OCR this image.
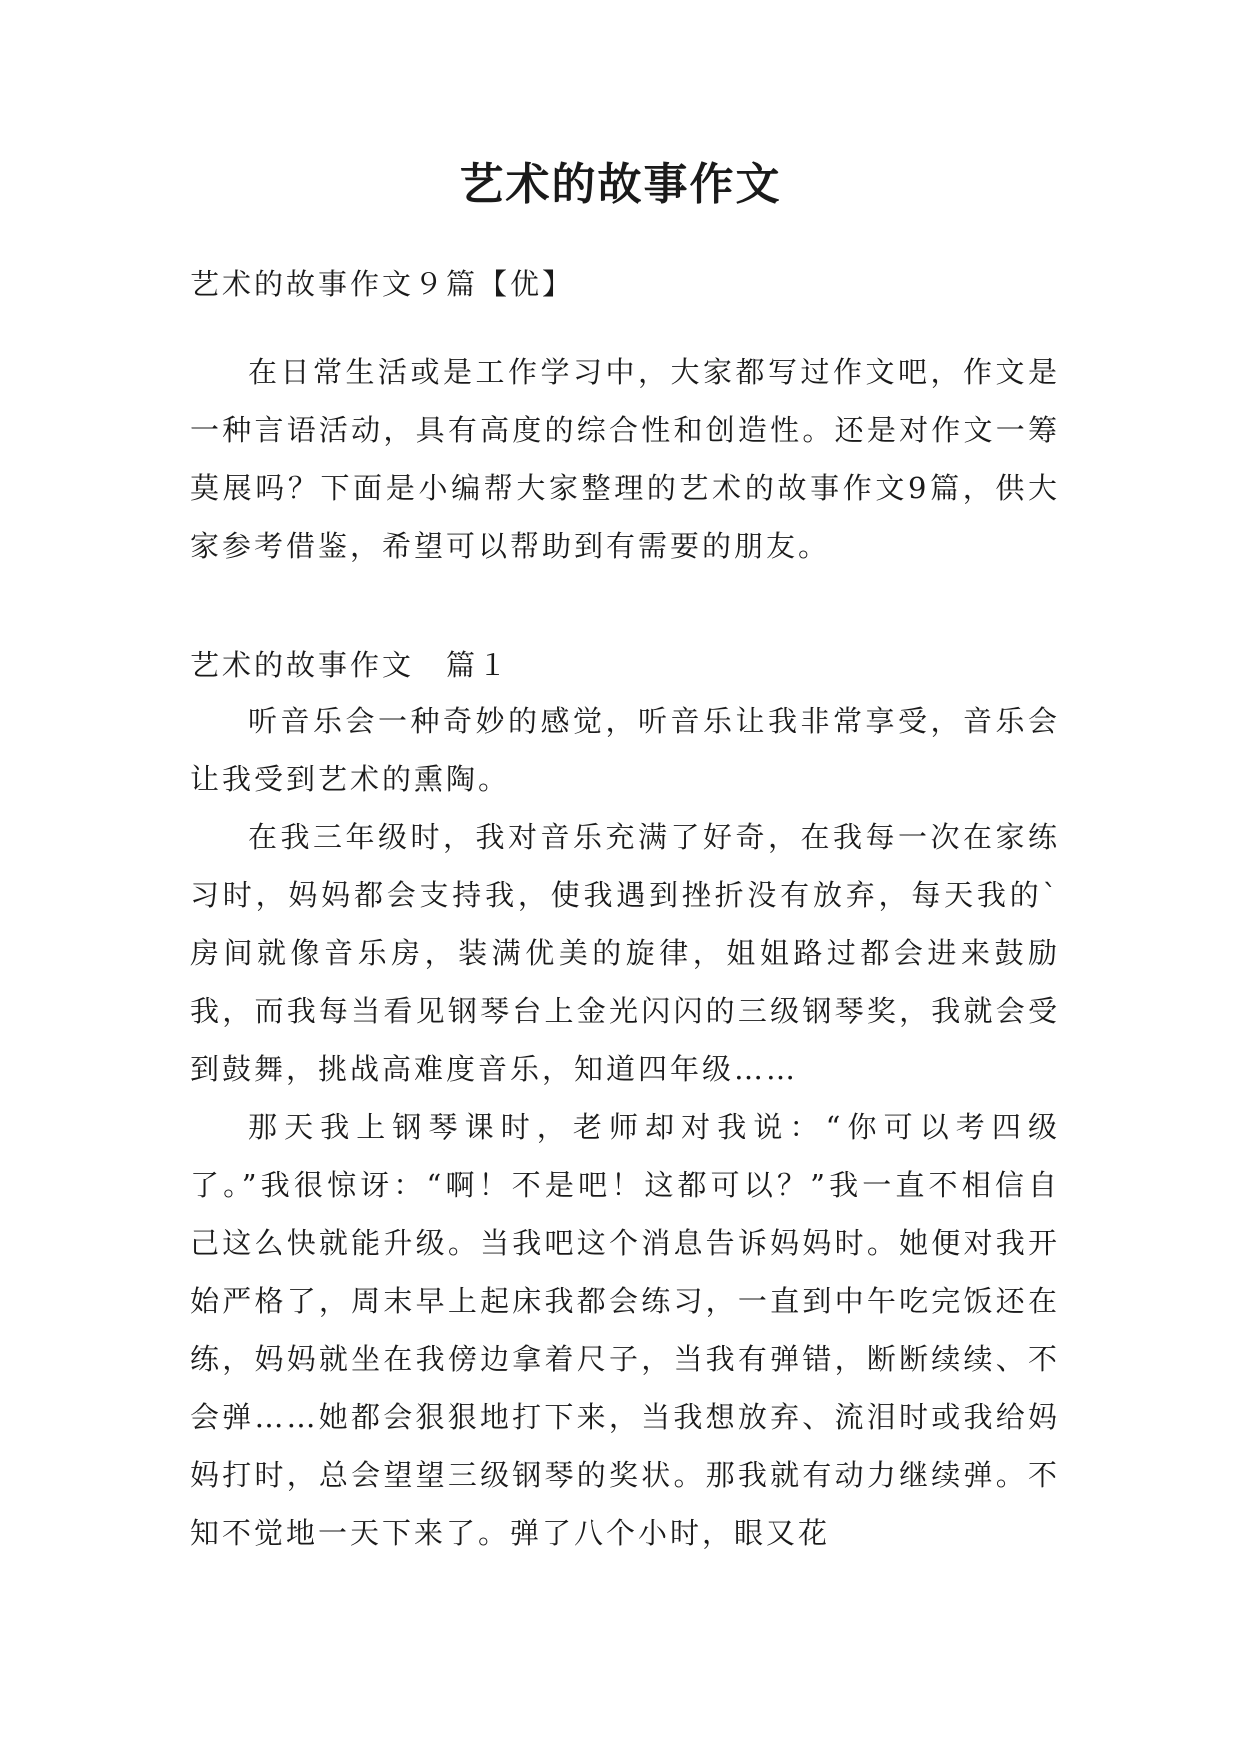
艺术的故事作文

艺术的故事作文９篇【优】

在日常生活或是工作学习中，大家都写过作文吧，作文是一种言语活动，具有高度的综合性和创造性。还是对作文一筹莫展吗？下面是小编帮大家整理的艺术的故事作文9篇，供大家参考借鉴，希望可以帮助到有需要的朋友。

艺术的故事作文　篇１

听音乐会一种奇妙的感觉，听音乐让我非常享受，音乐会让我受到艺术的熏陶。

在我三年级时，我对音乐充满了好奇，在我每一次在家练习时，妈妈都会支持我，使我遇到挫折没有放弃，每天我的`房间就像音乐房，装满优美的旋律，姐姐路过都会进来鼓励我，而我每当看见钢琴台上金光闪闪的三级钢琴奖，我就会受到鼓舞，挑战高难度音乐，知道四年级……

那天我上钢琴课时，老师却对我说：“你可以考四级了。”我很惊讶：“啊！不是吧！这都可以？”我一直不相信自己这么快就能升级。当我吧这个消息告诉妈妈时。她便对我开始严格了，周末早上起床我都会练习，一直到中午吃完饭还在练，妈妈就坐在我傍边拿着尺子，当我有弹错，断断续续、不会弹……她都会狠狠地打下来，当我想放弃、流泪时或我给妈妈打时，总会望望三级钢琴的奖状。那我就有动力继续弹。不知不觉地一天下来了。弹了八个小时，眼又花
